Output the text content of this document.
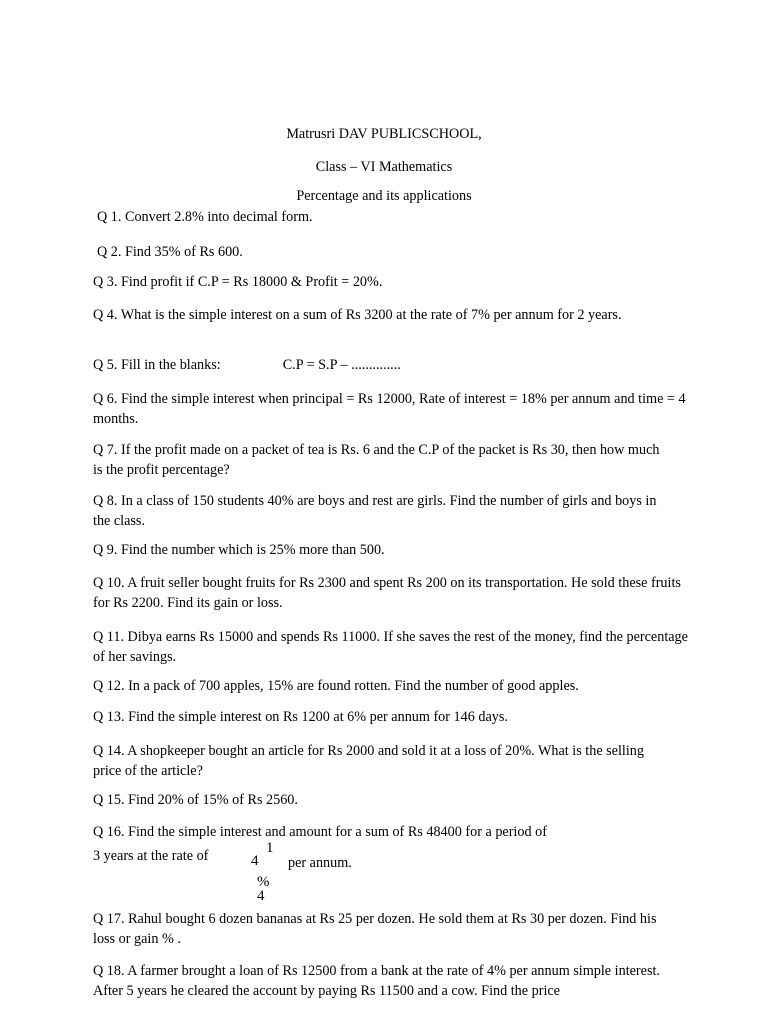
Matrusri DAV PUBLICSCHOOL,
Class – VI Mathematics
Percentage and its applications
Q 1. Convert 2.8% into decimal form.
Q 2. Find 35% of Rs 600.
Q 3. Find profit if C.P = Rs 18000 & Profit = 20%.
Q 4. What is the simple interest on a sum of Rs 3200 at the rate of 7% per annum for 2 years.
Q 5. Fill in the blanks:	C.P = S.P – ..............
Q 6. Find the simple interest when principal = Rs 12000, Rate of interest = 18% per annum and time = 4 months.
Q 7. If the profit made on a packet of tea is Rs. 6 and the C.P of the packet is Rs 30, then how much is the profit percentage?
Q 8. In a class of 150 students 40% are boys and rest are girls. Find the number of girls and boys in the class.
Q 9. Find the number which is 25% more than 500.
Q 10. A fruit seller bought fruits for Rs 2300 and spent Rs 200 on its transportation. He sold these fruits for Rs 2200. Find its gain or loss.
Q 11. Dibya earns Rs 15000 and spends Rs 11000. If she saves the rest of the money, find the percentage of her savings.
Q 12. In a pack of 700 apples, 15% are found rotten. Find the number of good apples.
Q 13. Find the simple interest on Rs 1200 at 6% per annum for 146 days.
Q 14. A shopkeeper bought an article for Rs 2000 and sold it at a loss of 20%. What is the selling price of the article?
Q 15. Find 20% of 15% of Rs 2560.
Q 16. Find the simple interest and amount for a sum of Rs 48400 for a period of
3 years at the rate of	4
1
%
4
per annum.
Q 17. Rahul bought 6 dozen bananas at Rs 25 per dozen. He sold them at Rs 30 per dozen. Find his loss or gain % .
Q 18. A farmer brought a loan of Rs 12500 from a bank at the rate of 4% per annum simple interest. After 5 years he cleared the account by paying Rs 11500 and a cow. Find the price
